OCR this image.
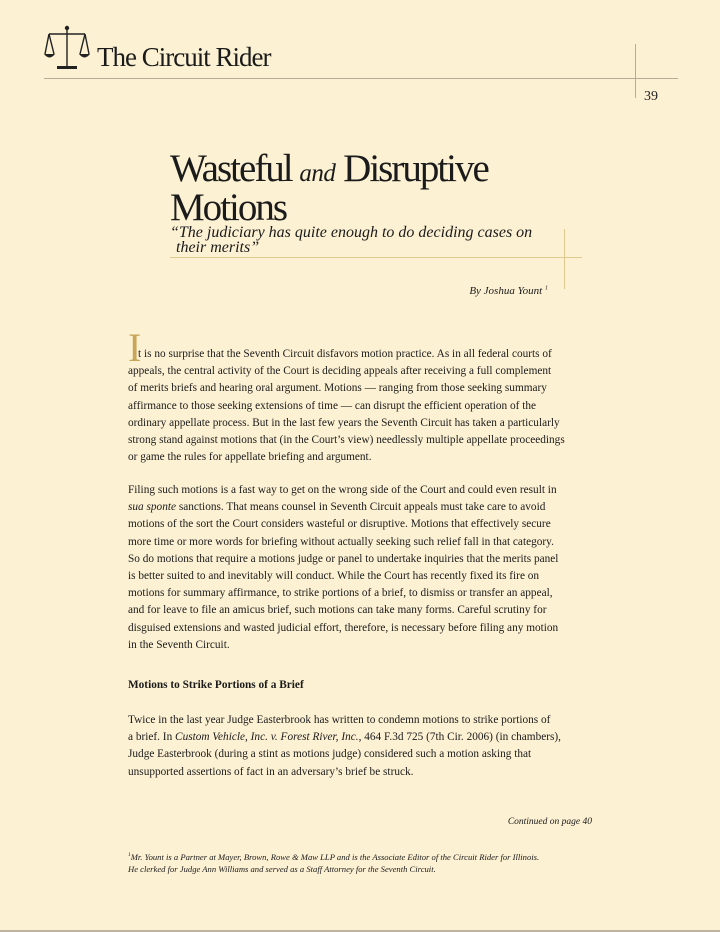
The Circuit Rider
39
Wasteful and Disruptive
Motions
“The judiciary has quite enough to do deciding cases on
their merits”
By Joshua Yount $^1$
I
t is no surprise that the Seventh Circuit disfavors motion practice. As in all federal courts of
appeals, the central activity of the Court is deciding appeals after receiving a full complement
of merits briefs and hearing oral argument. Motions — ranging from those seeking summary
affirmance to those seeking extensions of time — can disrupt the efficient operation of the
ordinary appellate process. But in the last few years the Seventh Circuit has taken a particularly
strong stand against motions that (in the Court’s view) needlessly multiple appellate proceedings
or game the rules for appellate briefing and argument.
Filing such motions is a fast way to get on the wrong side of the Court and could even result in
sua sponte sanctions. That means counsel in Seventh Circuit appeals must take care to avoid
motions of the sort the Court considers wasteful or disruptive. Motions that effectively secure
more time or more words for briefing without actually seeking such relief fall in that category.
So do motions that require a motions judge or panel to undertake inquiries that the merits panel
is better suited to and inevitably will conduct. While the Court has recently fixed its fire on
motions for summary affirmance, to strike portions of a brief, to dismiss or transfer an appeal,
and for leave to file an amicus brief, such motions can take many forms. Careful scrutiny for
disguised extensions and wasted judicial effort, therefore, is necessary before filing any motion
in the Seventh Circuit.
Motions to Strike Portions of a Brief
Twice in the last year Judge Easterbrook has written to condemn motions to strike portions of
a brief. In Custom Vehicle, Inc. v. Forest River, Inc., 464 F.3d 725 (7th Cir. 2006) (in chambers),
Judge Easterbrook (during a stint as motions judge) considered such a motion asking that
unsupported assertions of fact in an adversary’s brief be struck.
Continued on page 40
$^1$Mr. Yount is a Partner at Mayer, Brown, Rowe & Maw LLP and is the Associate Editor of the Circuit Rider for Illinois.
He clerked for Judge Ann Williams and served as a Staff Attorney for the Seventh Circuit.
